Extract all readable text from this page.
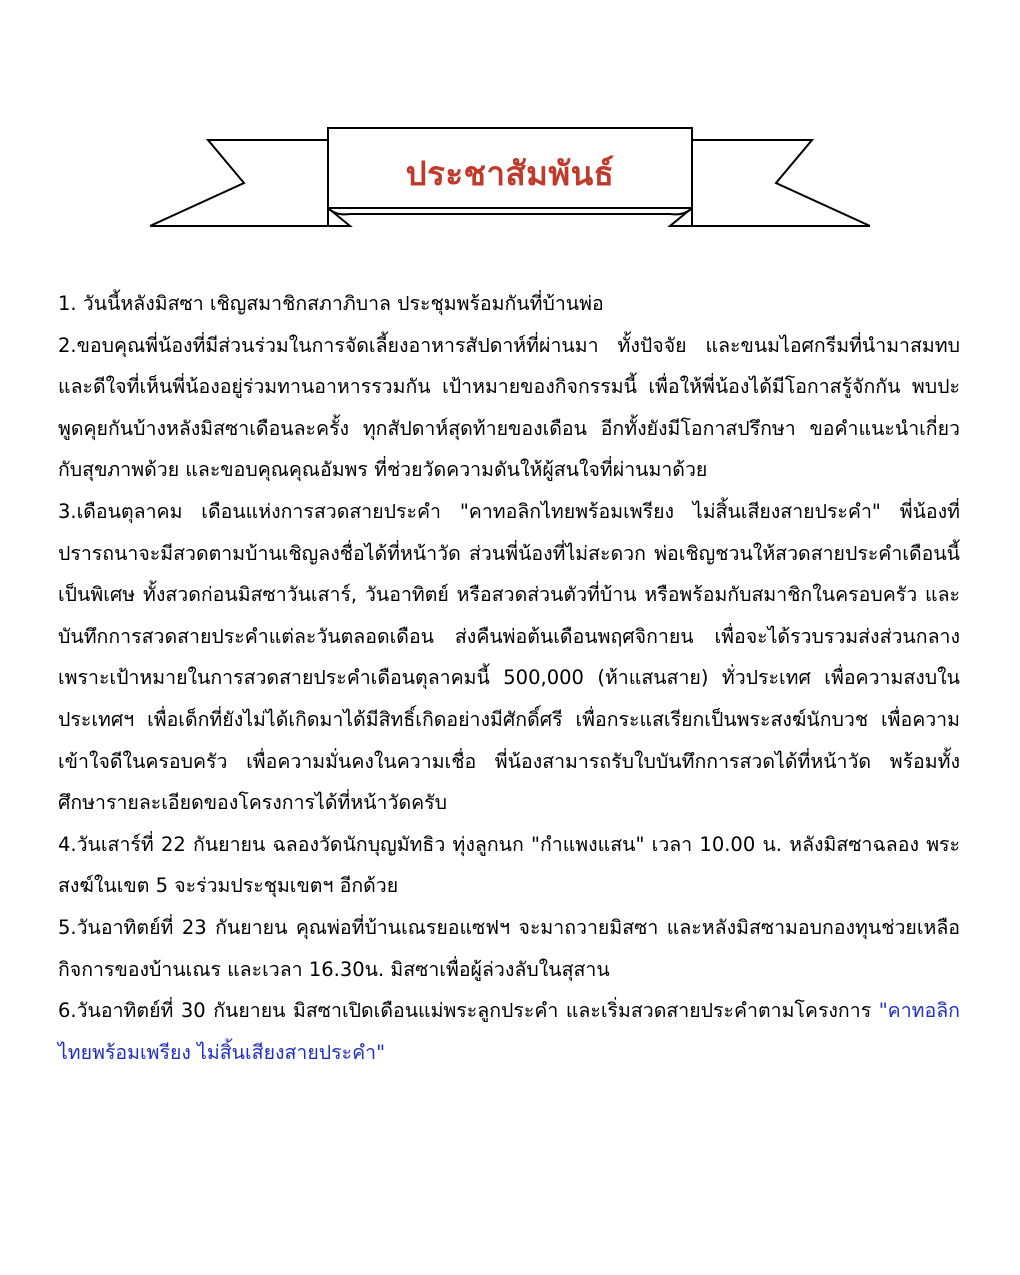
ประชาสัมพันธ์

1. วันนี้หลังมิสซา เชิญสมาชิกสภาภิบาล ประชุมพร้อมกันที่บ้านพ่อ

2.ขอบคุณพี่น้องที่มีส่วนร่วมในการจัดเลี้ยงอาหารสัปดาห์ที่ผ่านมา ทั้งปัจจัย และขนมไอศกรีมที่นำมาสมทบ และดีใจที่เห็นพี่น้องอยู่ร่วมทานอาหารรวมกัน เป้าหมายของกิจกรรมนี้ เพื่อให้พี่น้องได้มีโอกาสรู้จักกัน พบปะพูดคุยกันบ้างหลังมิสซาเดือนละครั้ง ทุกสัปดาห์สุดท้ายของเดือน อีกทั้งยังมีโอกาสปรึกษา ขอคำแนะนำเกี่ยวกับสุขภาพด้วย และขอบคุณคุณอัมพร ที่ช่วยวัดความดันให้ผู้สนใจที่ผ่านมาด้วย

3.เดือนตุลาคม เดือนแห่งการสวดสายประคำ "คาทอลิกไทยพร้อมเพรียง ไม่สิ้นเสียงสายประคำ" พี่น้องที่ปรารถนาจะมีสวดตามบ้านเชิญลงชื่อได้ที่หน้าวัด ส่วนพี่น้องที่ไม่สะดวก พ่อเชิญชวนให้สวดสายประคำเดือนนี้เป็นพิเศษ ทั้งสวดก่อนมิสซาวันเสาร์, วันอาทิตย์ หรือสวดส่วนตัวที่บ้าน หรือพร้อมกับสมาชิกในครอบครัว และบันทึกการสวดสายประคำแต่ละวันตลอดเดือน ส่งคืนพ่อต้นเดือนพฤศจิกายน เพื่อจะได้รวบรวมส่งส่วนกลาง เพราะเป้าหมายในการสวดสายประคำเดือนตุลาคมนี้ 500,000 (ห้าแสนสาย) ทั่วประเทศ เพื่อความสงบในประเทศฯ เพื่อเด็กที่ยังไม่ได้เกิดมาได้มีสิทธิ์เกิดอย่างมีศักดิ์ศรี เพื่อกระแสเรียกเป็นพระสงฆ์นักบวช เพื่อความเข้าใจดีในครอบครัว เพื่อความมั่นคงในความเชื่อ พี่น้องสามารถรับใบบันทึกการสวดได้ที่หน้าวัด พร้อมทั้งศึกษารายละเอียดของโครงการได้ที่หน้าวัดครับ

4.วันเสาร์ที่ 22 กันยายน ฉลองวัดนักบุญมัทธิว ทุ่งลูกนก "กำแพงแสน" เวลา 10.00 น. หลังมิสซาฉลอง พระสงฆ์ในเขต 5 จะร่วมประชุมเขตฯ อีกด้วย

5.วันอาทิตย์ที่ 23 กันยายน คุณพ่อที่บ้านเณรยอแซฟฯ จะมาถวายมิสซา และหลังมิสซามอบกองทุนช่วยเหลือกิจการของบ้านเณร และเวลา 16.30น. มิสซาเพื่อผู้ล่วงลับในสุสาน

6.วันอาทิตย์ที่ 30 กันยายน มิสซาเปิดเดือนแม่พระลูกประคำ และเริ่มสวดสายประคำตามโครงการ "คาทอลิกไทยพร้อมเพรียง ไม่สิ้นเสียงสายประคำ"
